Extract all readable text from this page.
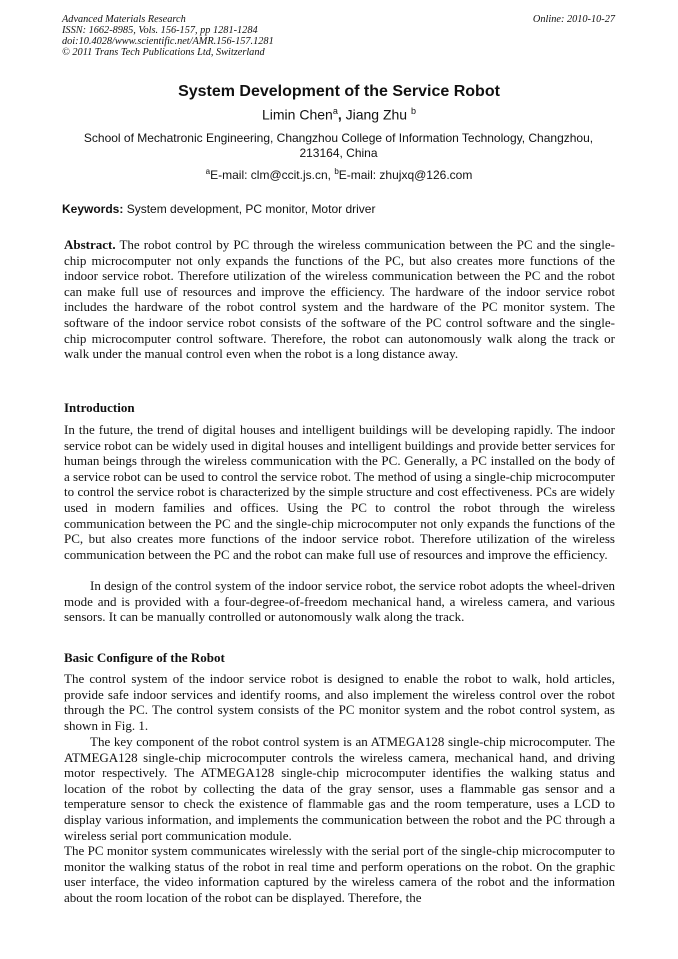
Advanced Materials Research
ISSN: 1662-8985, Vols. 156-157, pp 1281-1284
doi:10.4028/www.scientific.net/AMR.156-157.1281
© 2011 Trans Tech Publications Ltd, Switzerland
Online: 2010-10-27
System Development of the Service Robot
Limin Chen$^a$, Jiang Zhu $^b$
School of Mechatronic Engineering, Changzhou College of Information Technology, Changzhou, 213164, China
$^a$E-mail: clm@ccit.js.cn, $^b$E-mail: zhujxq@126.com
Keywords: System development, PC monitor, Motor driver

Abstract. The robot control by PC through the wireless communication between the PC and the single-chip microcomputer not only expands the functions of the PC, but also creates more functions of the indoor service robot. Therefore utilization of the wireless communication between the PC and the robot can make full use of resources and improve the efficiency. The hardware of the indoor service robot includes the hardware of the robot control system and the hardware of the PC monitor system. The software of the indoor service robot consists of the software of the PC control software and the single-chip microcomputer control software. Therefore, the robot can autonomously walk along the track or walk under the manual control even when the robot is a long distance away.

Introduction

In the future, the trend of digital houses and intelligent buildings will be developing rapidly. The indoor service robot can be widely used in digital houses and intelligent buildings and provide better services for human beings through the wireless communication with the PC. Generally, a PC installed on the body of a service robot can be used to control the service robot. The method of using a single-chip microcomputer to control the service robot is characterized by the simple structure and cost effectiveness. PCs are widely used in modern families and offices. Using the PC to control the robot through the wireless communication between the PC and the single-chip microcomputer not only expands the functions of the PC, but also creates more functions of the indoor service robot. Therefore utilization of the wireless communication between the PC and the robot can make full use of resources and improve the efficiency.

In design of the control system of the indoor service robot, the service robot adopts the wheel-driven mode and is provided with a four-degree-of-freedom mechanical hand, a wireless camera, and various sensors. It can be manually controlled or autonomously walk along the track.

Basic Configure of the Robot

The control system of the indoor service robot is designed to enable the robot to walk, hold articles, provide safe indoor services and identify rooms, and also implement the wireless control over the robot through the PC. The control system consists of the PC monitor system and the robot control system, as shown in Fig. 1.

The key component of the robot control system is an ATMEGA128 single-chip microcomputer. The ATMEGA128 single-chip microcomputer controls the wireless camera, mechanical hand, and driving motor respectively. The ATMEGA128 single-chip microcomputer identifies the walking status and location of the robot by collecting the data of the gray sensor, uses a flammable gas sensor and a temperature sensor to check the existence of flammable gas and the room temperature, uses a LCD to display various information, and implements the communication between the robot and the PC through a wireless serial port communication module.

The PC monitor system communicates wirelessly with the serial port of the single-chip microcomputer to monitor the walking status of the robot in real time and perform operations on the robot. On the graphic user interface, the video information captured by the wireless camera of the robot and the information about the room location of the robot can be displayed. Therefore, the
